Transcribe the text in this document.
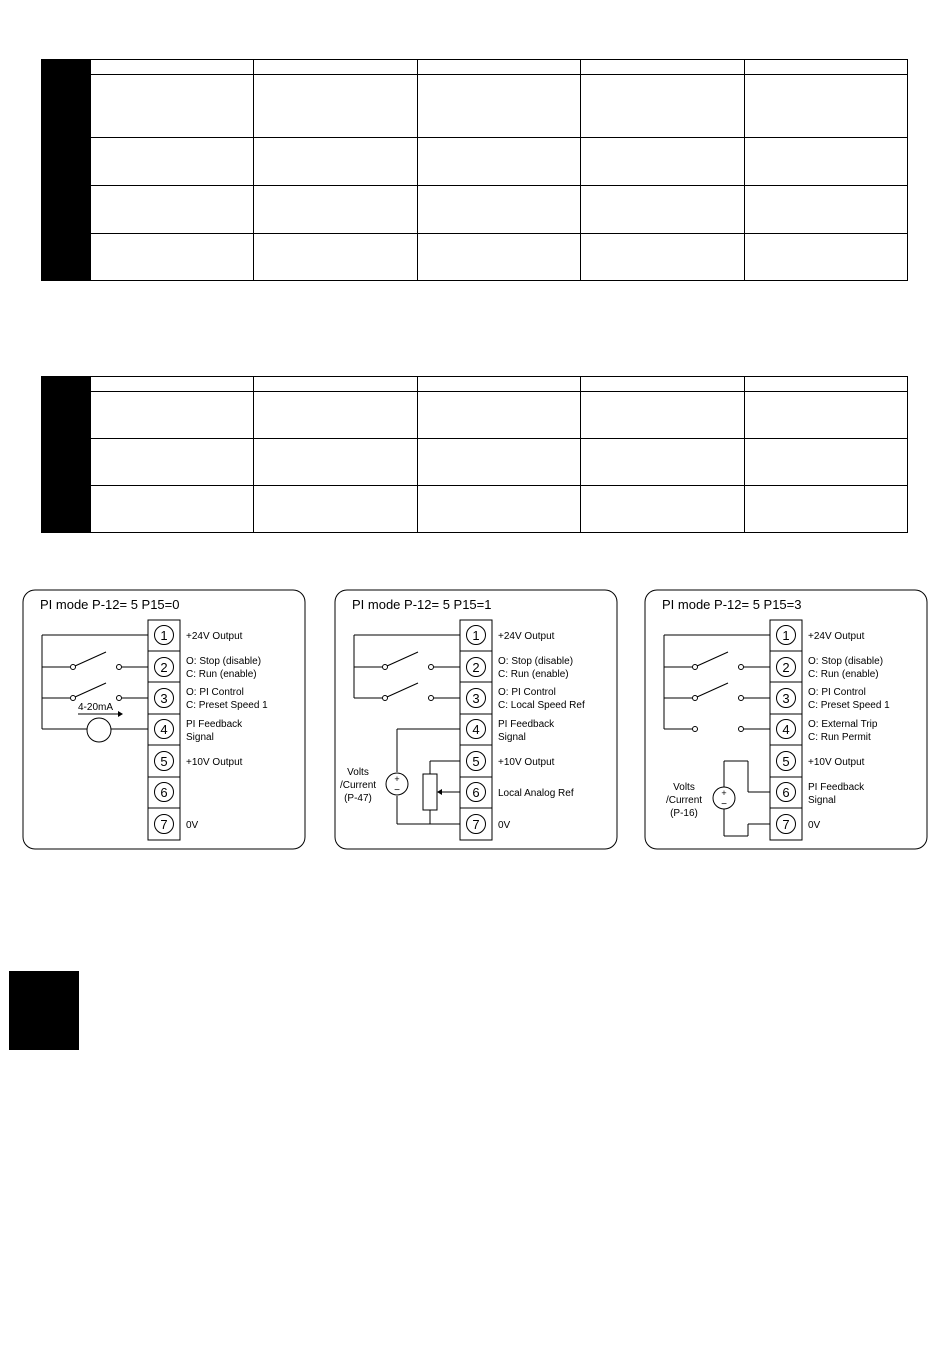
PI mode P-12= 5 P15=0
1
2
3
4
5
6
7
+24V Output
O: Stop (disable)
C: Run (enable)
O: PI Control
C: Preset Speed 1
PI Feedback
Signal
+10V Output
0V
4-20mA
PI mode P-12= 5 P15=1
1
2
3
4
5
6
7
+24V Output
O: Stop (disable)
C: Run (enable)
O: PI Control
C: Local Speed Ref
PI Feedback
Signal
+10V Output
Local Analog Ref
0V
+
−
Volts
/Current
(P-47)
PI mode P-12= 5 P15=3
1
2
3
4
5
6
7
+24V Output
O: Stop (disable)
C: Run (enable)
O: PI Control
C: Preset Speed 1
O: External Trip
C: Run Permit
+10V Output
PI Feedback
Signal
0V
+
−
Volts
/Current
(P-16)
